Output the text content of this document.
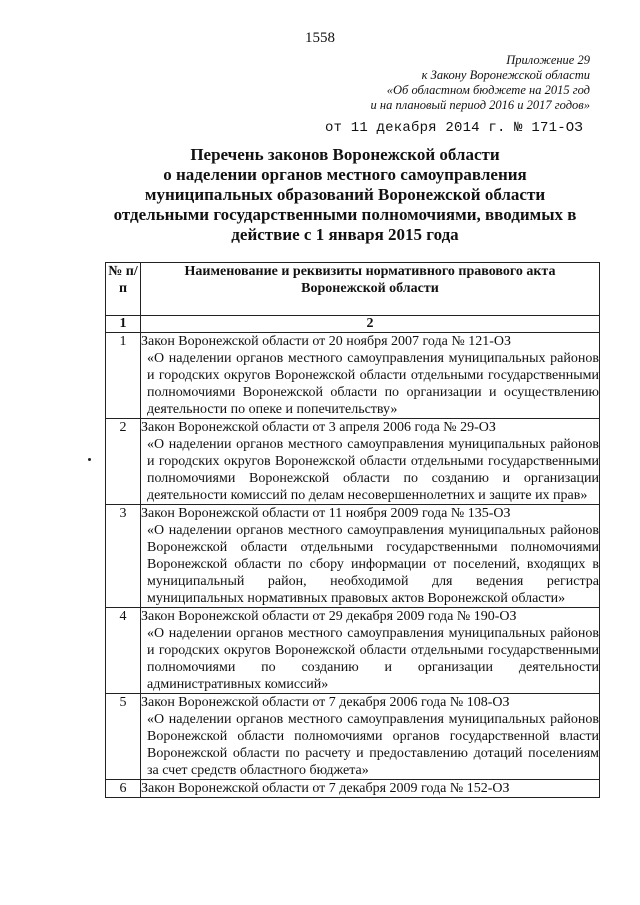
1558
Приложение 29
к Закону Воронежской области
«Об областном бюджете на 2015 год
и на плановый период 2016 и 2017 годов»
от 11 декабря 2014 г. № 171-ОЗ
Перечень законов Воронежской области
о наделении органов местного самоуправления
муниципальных образований Воронежской области
отдельными государственными полномочиями, вводимых в
действие с 1 января 2015 года
№ п/п	Наименование и реквизиты нормативного правового акта Воронежской области
1	2
1	Закон Воронежской области от 20 ноября 2007 года № 121-ОЗ
«О наделении органов местного самоуправления муниципальных районов и городских округов Воронежской области отдельными государственными полномочиями Воронежской области по организации и осуществлению деятельности по опеке и попечительству»

2	Закон Воронежской области от 3 апреля 2006 года № 29-ОЗ
«О наделении органов местного самоуправления муниципальных районов и городских округов Воронежской области отдельными государственными полномочиями Воронежской области по созданию и организации деятельности комиссий по делам несовершеннолетних и защите их прав»

3	Закон Воронежской области от 11 ноября 2009 года № 135-ОЗ
«О наделении органов местного самоуправления муниципальных районов Воронежской области отдельными государственными полномочиями Воронежской области по сбору информации от поселений, входящих в муниципальный район, необходимой для ведения регистра муниципальных нормативных правовых актов Воронежской области»

4	Закон Воронежской области от 29 декабря 2009 года № 190-ОЗ
«О наделении органов местного самоуправления муниципальных районов и городских округов Воронежской области отдельными государственными полномочиями по созданию и организации деятельности административных комиссий»

5	Закон Воронежской области от 7 декабря 2006 года № 108-ОЗ
«О наделении органов местного самоуправления муниципальных районов Воронежской области полномочиями органов государственной власти Воронежской области по расчету и предоставлению дотаций поселениям за счет средств областного бюджета»

6	Закон Воронежской области от 7 декабря 2009 года № 152-ОЗ
